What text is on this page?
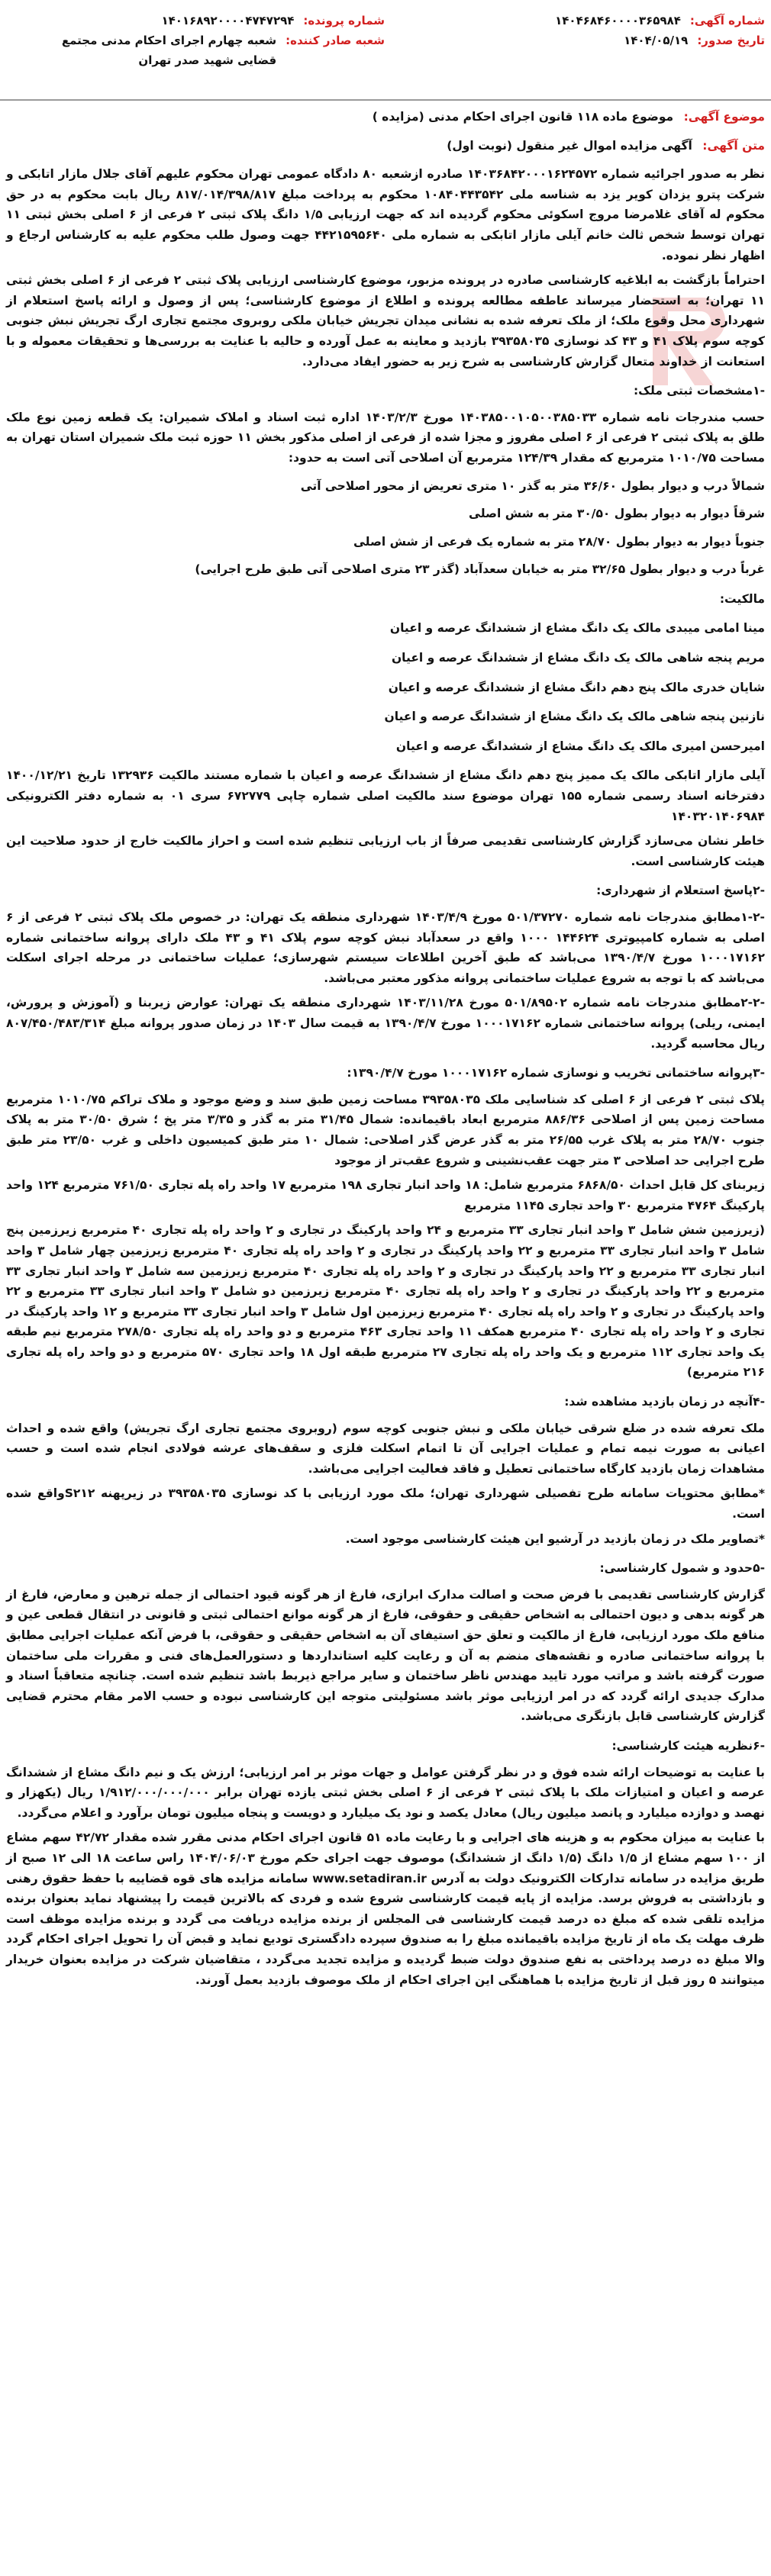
شماره آگهی:
۱۴۰۴۶۸۴۶۰۰۰۰۳۶۵۹۸۴
تاریخ صدور:
۱۴۰۴/۰۵/۱۹
شماره پرونده:
۱۴۰۱۶۸۹۲۰۰۰۰۴۷۴۷۲۹۴
شعبه صادر کننده:
شعبه چهارم اجرای احکام مدنی مجتمع قضایی شهید صدر تهران
موضوع آگهی: موضوع ماده ۱۱۸ قانون اجرای احکام مدنی (مزایده )
متن آگهی: آگهی مزایده اموال غیر منقول (نوبت اول)

نظر به صدور اجرائیه شماره ۱۴۰۳۶۸۴۲۰۰۰۱۶۲۴۵۷۲ صادره ازشعبه ۸۰ دادگاه عمومی تهران محکوم علیهم آقای جلال مازار اتابکی و شرکت پترو یزدان کویر یزد به شناسه ملی ۱۰۸۴۰۴۴۳۵۴۲ محکوم به پرداخت مبلغ ۸۱۷/۰۱۴/۳۹۸/۸۱۷ ریال بابت محکوم به در حق محکوم له آقای غلامرضا مروج اسکوئی محکوم گردیده اند که جهت ارزیابی ۱/۵ دانگ پلاک ثبتی ۲ فرعی از ۶ اصلی بخش ثبتی ۱۱ تهران توسط شخص ثالث خانم آیلی مازار اتابکی به شماره ملی ۴۴۲۱۵۹۵۶۴۰ جهت وصول طلب محکوم علیه به کارشناس ارجاع و اظهار نظر نموده.

احتراماً بازگشت به ابلاغیه کارشناسی صادره در پرونده مزبور، موضوع کارشناسی ارزیابی پلاک ثبتی ۲ فرعی از ۶ اصلی بخش ثبتی ۱۱ تهران؛ به استحضار میرساند عاطفه مطالعه پرونده و اطلاع از موضوع کارشناسی؛ پس از وصول و ارائه پاسخ استعلام از شهرداری محل وقوع ملک؛ از ملک تعرفه شده به نشانی میدان تجریش خیابان ملکی روبروی مجتمع تجاری ارگ تجریش نبش جنوبی کوچه سوم پلاک ۴۱ و ۴۳ کد نوسازی ۳۹۳۵۸۰۳۵ بازدید و معاینه به عمل آورده و حالیه با عنایت به بررسی‌ها و تحقیقات معموله و با استعانت از خداوند متعال گزارش کارشناسی به شرح زیر به حضور ایفاد می‌دارد.

-۱مشخصات ثبتی ملک:

حسب مندرجات نامه شماره ۱۴۰۳۸۵۰۰۱۰۵۰۰۳۸۵۰۳۳ مورخ ۱۴۰۳/۲/۳ اداره ثبت اسناد و املاک شمیران: یک قطعه زمین نوع ملک طلق به پلاک ثبتی ۲ فرعی از ۶ اصلی مفروز و مجزا شده از فرعی از اصلی مذکور بخش ۱۱ حوزه ثبت ملک شمیران استان تهران به مساحت ۱۰۱۰/۷۵ مترمربع که مقدار ۱۲۴/۳۹ مترمربع آن اصلاحی آتی است به حدود:

شمالاً درب و دیوار بطول ۳۶/۶۰ متر به گذر ۱۰ متری تعریض از محور اصلاحی آتی

شرقاً دیوار به دیوار بطول ۳۰/۵۰ متر به شش اصلی

جنوباً دیوار به دیوار بطول ۲۸/۷۰ متر به شماره یک فرعی از شش اصلی

غرباً درب و دیوار بطول ۳۲/۶۵ متر به خیابان سعدآباد (گذر ۲۳ متری اصلاحی آتی طبق طرح اجرایی)

مالکیت:

مینا امامی میبدی مالک یک دانگ مشاع از ششدانگ عرصه و اعیان

مریم پنجه شاهی مالک یک دانگ مشاع از ششدانگ عرصه و اعیان

شایان خدری مالک پنج دهم دانگ مشاع از ششدانگ عرصه و اعیان

نازنین پنجه شاهی مالک یک دانگ مشاع از ششدانگ عرصه و اعیان

امیرحسن امیری مالک یک دانگ مشاع از ششدانگ عرصه و اعیان

آیلی مازار اتابکی مالک یک ممیز پنج دهم دانگ مشاع از ششدانگ عرصه و اعیان با شماره مستند مالکیت ۱۳۲۹۳۶ تاریخ ۱۴۰۰/۱۲/۲۱ دفترخانه اسناد رسمی شماره ۱۵۵ تهران موضوع سند مالکیت اصلی شماره چاپی ۶۷۲۷۷۹ سری ۰۱ به شماره دفتر الکترونیکی ۱۴۰۳۲۰۱۴۰۶۹۸۴

خاطر نشان می‌سازد گزارش کارشناسی تقدیمی صرفاً از باب ارزیابی تنظیم شده است و احراز مالکیت خارج از حدود صلاحیت این هیئت کارشناسی است.

-۲پاسخ استعلام از شهرداری:

-۱-۲مطابق مندرجات نامه شماره ۵۰۱/۳۷۲۷۰ مورخ ۱۴۰۳/۴/۹ شهرداری منطقه یک تهران: در خصوص ملک پلاک ثبتی ۲ فرعی از ۶ اصلی به شماره کامپیوتری ۱۴۴۶۲۴ ۱۰۰۰ واقع در سعدآباد نبش کوچه سوم پلاک ۴۱ و ۴۳ ملک دارای پروانه ساختمانی شماره ۱۰۰۰۱۷۱۶۲ مورخ ۱۳۹۰/۴/۷ می‌باشد که طبق آخرین اطلاعات سیستم شهرسازی؛ عملیات ساختمانی در مرحله اجرای اسکلت می‌باشد که با توجه به شروع عملیات ساختمانی پروانه مذکور معتبر می‌باشد.

-۲-۲مطابق مندرجات نامه شماره ۵۰۱/۸۹۵۰۲ مورخ ۱۴۰۳/۱۱/۲۸ شهرداری منطقه یک تهران: عوارض زیربنا و (آموزش و پرورش، ایمنی، ریلی) پروانه ساختمانی شماره ۱۰۰۰۱۷۱۶۲ مورخ ۱۳۹۰/۴/۷ به قیمت سال ۱۴۰۳ در زمان صدور پروانه مبلغ ۸۰۷/۴۵۰/۴۸۳/۳۱۴ ریال محاسبه گردید.

-۳پروانه ساختمانی تخریب و نوسازی شماره ۱۰۰۰۱۷۱۶۲ مورخ ۱۳۹۰/۴/۷:

پلاک ثبتی ۲ فرعی از ۶ اصلی کد شناسایی ملک ۳۹۳۵۸۰۳۵ مساحت زمین طبق سند و وضع موجود و ملاک تراکم ۱۰۱۰/۷۵ مترمربع مساحت زمین پس از اصلاحی ۸۸۶/۳۶ مترمربع ابعاد باقیمانده: شمال ۳۱/۴۵ متر به گذر و ۳/۳۵ متر پخ ؛ شرق ۳۰/۵۰ متر به پلاک جنوب ۲۸/۷۰ متر به پلاک غرب ۲۶/۵۵ متر به گذر عرض گذر اصلاحی: شمال ۱۰ متر طبق کمیسیون داخلی و غرب ۲۳/۵۰ متر طبق طرح اجرایی حد اصلاحی ۳ متر جهت عقب‌نشینی و شروع عقب‌تر از موجود

زیربنای کل قابل احداث ۶۸۶۸/۵۰ مترمربع شامل: ۱۸ واحد انبار تجاری ۱۹۸ مترمربع ۱۷ واحد راه پله تجاری ۷۶۱/۵۰ مترمربع ۱۲۴ واحد پارکینگ ۴۷۶۴ مترمربع ۳۰ واحد تجاری ۱۱۴۵ مترمربع

(زیرزمین شش شامل ۳ واحد انبار تجاری ۳۳ مترمربع و ۲۴ واحد پارکینگ در تجاری و ۲ واحد راه پله تجاری ۴۰ مترمربع زیرزمین پنج شامل ۳ واحد انبار تجاری ۳۳ مترمربع و ۲۲ واحد پارکینگ در تجاری و ۲ واحد راه پله تجاری ۴۰ مترمربع زیرزمین چهار شامل ۳ واحد انبار تجاری ۳۳ مترمربع و ۲۲ واحد پارکینگ در تجاری و ۲ واحد راه پله تجاری ۴۰ مترمربع زیرزمین سه شامل ۳ واحد انبار تجاری ۳۳ مترمربع و ۲۲ واحد پارکینگ در تجاری و ۲ واحد راه پله تجاری ۴۰ مترمربع زیرزمین دو شامل ۳ واحد انبار تجاری ۳۳ مترمربع و ۲۲ واحد پارکینگ در تجاری و ۲ واحد راه پله تجاری ۴۰ مترمربع زیرزمین اول شامل ۳ واحد انبار تجاری ۳۳ مترمربع و ۱۲ واحد پارکینگ در تجاری و ۲ واحد راه پله تجاری ۴۰ مترمربع همکف ۱۱ واحد تجاری ۴۶۳ مترمربع و دو واحد راه پله تجاری ۲۷۸/۵۰ مترمربع نیم طبقه یک واحد تجاری ۱۱۲ مترمربع و یک واحد راه پله تجاری ۲۷ مترمربع طبقه اول ۱۸ واحد تجاری ۵۷۰ مترمربع و دو واحد راه پله تجاری ۲۱۶ مترمربع)

-۴آنچه در زمان بازدید مشاهده شد:

ملک تعرفه شده در ضلع شرقی خیابان ملکی و نبش جنوبی کوچه سوم (روبروی مجتمع تجاری ارگ تجریش) واقع شده و احداث اعیانی به صورت نیمه تمام و عملیات اجرایی آن تا اتمام اسکلت فلزی و سقف‌های عرشه فولادی انجام شده است و حسب مشاهدات زمان بازدید کارگاه ساختمانی تعطیل و فاقد فعالیت اجرایی می‌باشد.

*مطابق محتویات سامانه طرح تفصیلی شهرداری تهران؛ ملک مورد ارزیابی با کد نوسازی ۳۹۳۵۸۰۳۵ در زیرپهنه S۲۱۲واقع شده است.

*تصاویر ملک در زمان بازدید در آرشیو این هیئت کارشناسی موجود است.

-۵حدود و شمول کارشناسی:

گزارش کارشناسی تقدیمی با فرض صحت و اصالت مدارک ابرازی، فارغ از هر گونه قیود احتمالی از جمله ترهین و معارض، فارغ از هر گونه بدهی و دیون احتمالی به اشخاص حقیقی و حقوقی، فارغ از هر گونه موانع احتمالی ثبتی و قانونی در انتقال قطعی عین و منافع ملک مورد ارزیابی، فارغ از مالکیت و تعلق حق استیفای آن به اشخاص حقیقی و حقوقی، با فرض آنکه عملیات اجرایی مطابق با پروانه ساختمانی صادره و نقشه‌های منضم به آن و رعایت کلیه استانداردها و دستورالعمل‌های فنی و مقررات ملی ساختمان صورت گرفته باشد و مراتب مورد تایید مهندس ناظر ساختمان و سایر مراجع ذیربط باشد تنظیم شده است. چنانچه متعاقباً اسناد و مدارک جدیدی ارائه گردد که در امر ارزیابی موثر باشد مسئولیتی متوجه این کارشناسی نبوده و حسب الامر مقام محترم قضایی گزارش کارشناسی قابل بازنگری می‌باشد.

-۶نظریه هیئت کارشناسی:

با عنایت به توضیحات ارائه شده فوق و در نظر گرفتن عوامل و جهات موثر بر امر ارزیابی؛ ارزش یک و نیم دانگ مشاع از ششدانگ عرصه و اعیان و امتیازات ملک با پلاک ثبتی ۲ فرعی از ۶ اصلی بخش ثبتی یازده تهران برابر ۱/۹۱۲/۰۰۰/۰۰۰/۰۰۰ ریال (یکهزار و نهصد و دوازده میلیارد و پانصد میلیون ریال) معادل یکصد و نود یک میلیارد و دویست و پنجاه میلیون تومان برآورد و اعلام می‌گردد.

با عنایت به میزان محکوم به و هزینه های اجرایی و با رعایت ماده ۵۱ قانون اجرای احکام مدنی مقرر شده مقدار ۴۲/۷۲ سهم مشاع از ۱۰۰ سهم مشاع از ۱/۵ دانگ (۱/۵ دانگ از ششدانگ) موصوف جهت اجرای حکم مورخ ۱۴۰۴/۰۶/۰۳ راس ساعت ۱۸ الی ۱۲ صبح از طریق مزایده در سامانه تدارکات الکترونیک دولت به آدرس www.setadiran.ir سامانه مزایده های قوه قضاییه با حفظ حقوق رهنی و بازداشتی به فروش برسد. مزایده از پایه قیمت کارشناسی شروع شده و فردی که بالاترین قیمت را پیشنهاد نماید بعنوان برنده مزایده تلقی شده که مبلغ ده درصد قیمت کارشناسی فی المجلس از برنده مزایده دریافت می گردد و برنده مزایده موظف است ظرف مهلت یک ماه از تاریخ مزایده باقیمانده مبلغ را به صندوق سپرده دادگستری تودیع نماید و قبض آن را تحویل اجرای احکام گردد والا مبلغ ده درصد پرداختی به نفع صندوق دولت ضبط گردیده و مزایده تجدید می‌گردد ، متقاضیان شرکت در مزایده بعنوان خریدار میتوانند ۵ روز قبل از تاریخ مزایده با هماهنگی این اجرای احکام از ملک موصوف بازدید بعمل آورند.
